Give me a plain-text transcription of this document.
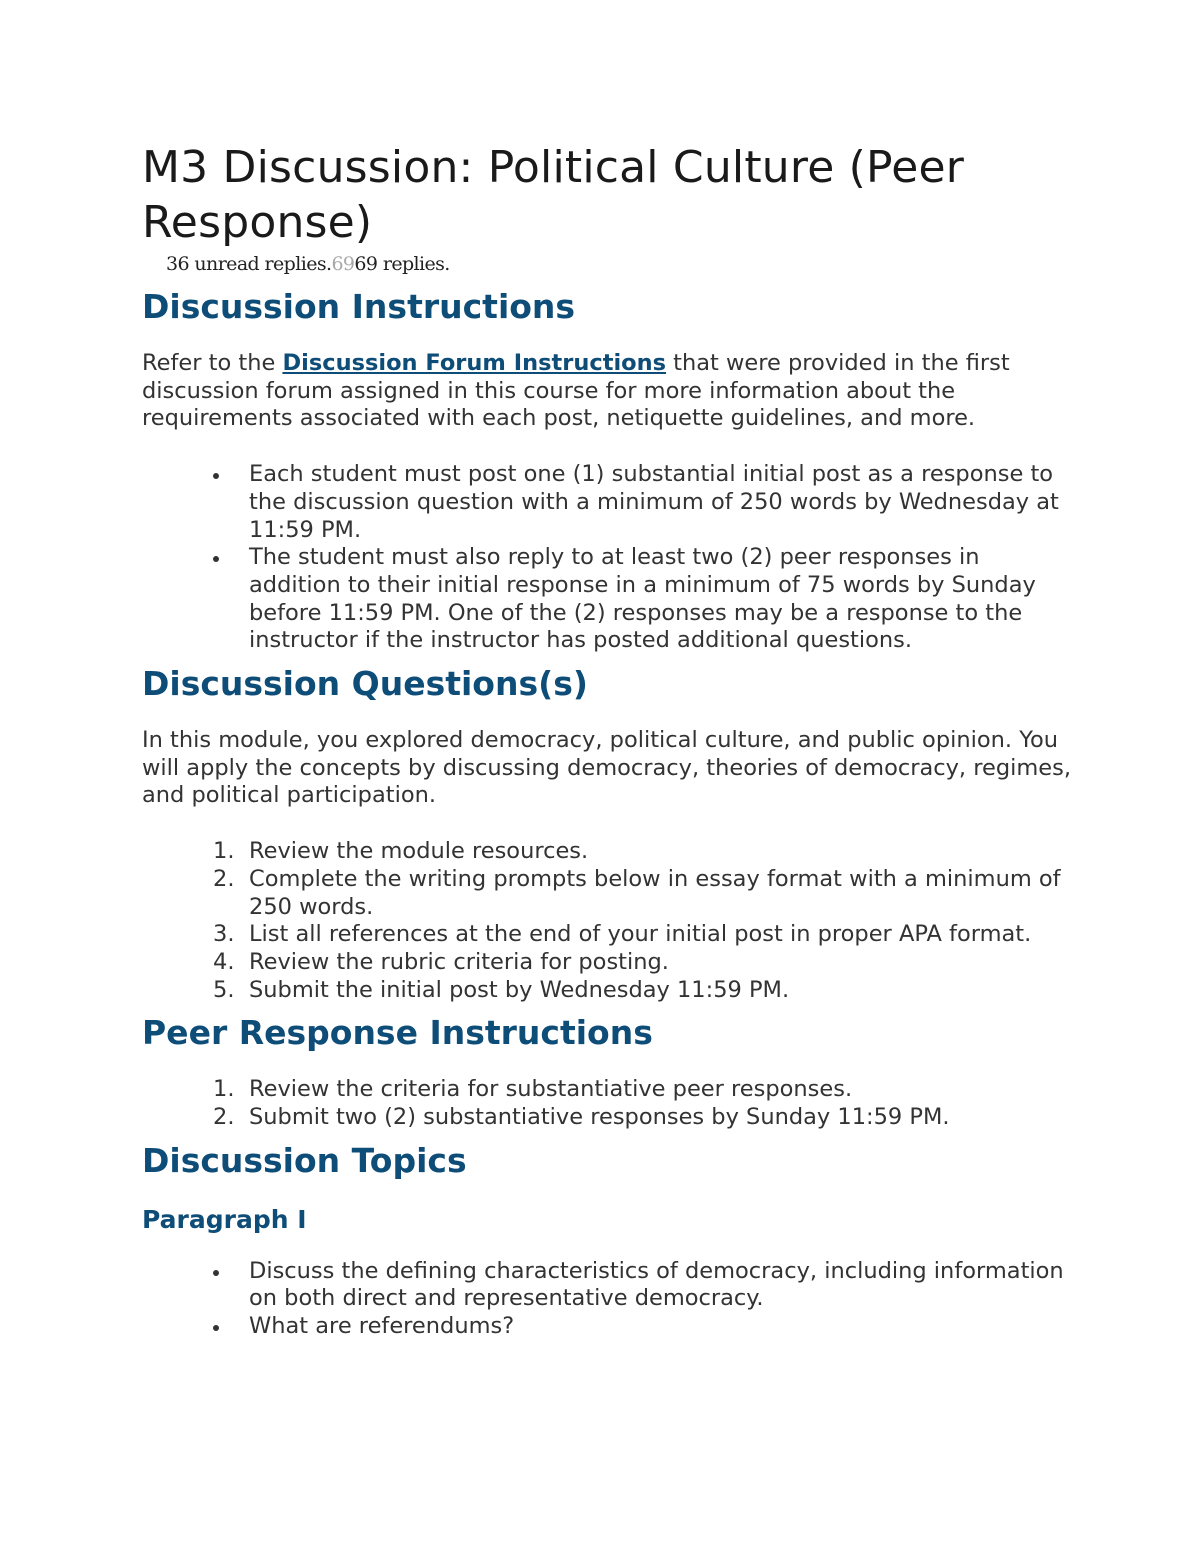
M3 Discussion: Political Culture (Peer Response)

36 unread replies.6969 replies.

Discussion Instructions

Refer to the Discussion Forum Instructions that were provided in the first discussion forum assigned in this course for more information about the requirements associated with each post, netiquette guidelines, and more.

Each student must post one (1) substantial initial post as a response to the discussion question with a minimum of 250 words by Wednesday at 11:59 PM.
The student must also reply to at least two (2) peer responses in addition to their initial response in a minimum of 75 words by Sunday before 11:59 PM. One of the (2) responses may be a response to the instructor if the instructor has posted additional questions.
Discussion Questions(s)

In this module, you explored democracy, political culture, and public opinion. You will apply the concepts by discussing democracy, theories of democracy, regimes, and political participation.

1. Review the module resources.
2. Complete the writing prompts below in essay format with a minimum of 250 words.
3. List all references at the end of your initial post in proper APA format.
4. Review the rubric criteria for posting.
5. Submit the initial post by Wednesday 11:59 PM.
Peer Response Instructions
1. Review the criteria for substantiative peer responses.
2. Submit two (2) substantiative responses by Sunday 11:59 PM.
Discussion Topics
Paragraph I
Discuss the defining characteristics of democracy, including information on both direct and representative democracy.
What are referendums?
